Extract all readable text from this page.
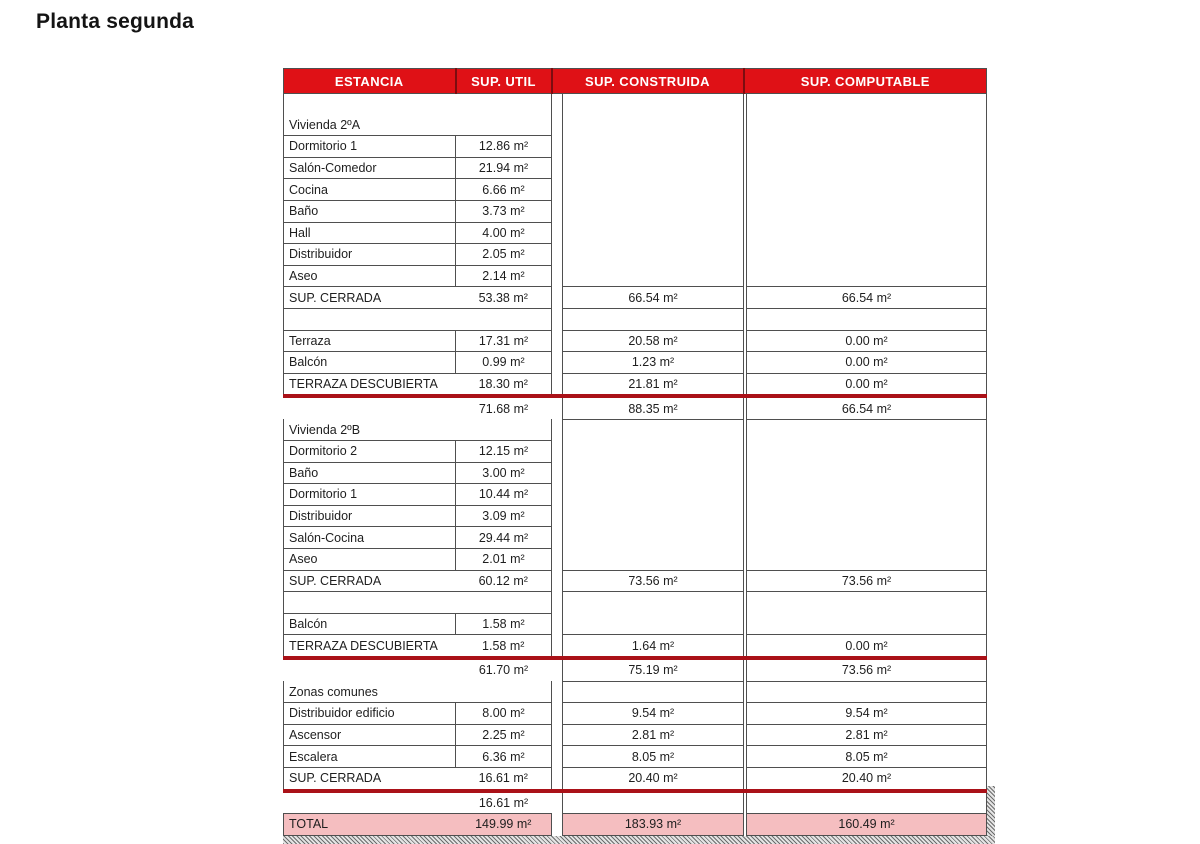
Planta segunda
ESTANCIA	SUP. UTIL	SUP. CONSTRUIDA		SUP. COMPUTABLE	

Vivienda 2ºA					
Dormitorio 1	12.86 m²				
Salón-Comedor	21.94 m²				
Cocina	6.66 m²				
Baño	3.73 m²				
Hall	4.00 m²				
Distribuidor	2.05 m²				
Aseo	2.14 m²				
SUP. CERRADA	53.38 m²		66.54 m²		66.54 m²

Terraza	17.31 m²		20.58 m²		0.00 m²
Balcón	0.99 m²		1.23 m²		0.00 m²
TERRAZA DESCUBIERTA	18.30 m²		21.81 m²		0.00 m²
	71.68 m²		88.35 m²		66.54 m²
Vivienda 2ºB					
Dormitorio 2	12.15 m²				
Baño	3.00 m²				
Dormitorio 1	10.44 m²				
Distribuidor	3.09 m²				
Salón-Cocina	29.44 m²				
Aseo	2.01 m²				
SUP. CERRADA	60.12 m²		73.56 m²		73.56 m²

Balcón	1.58 m²				
TERRAZA DESCUBIERTA	1.58 m²		1.64 m²		0.00 m²
	61.70 m²		75.19 m²		73.56 m²
Zonas comunes					
Distribuidor edificio	8.00 m²		9.54 m²		9.54 m²
Ascensor	2.25 m²		2.81 m²		2.81 m²
Escalera	6.36 m²		8.05 m²		8.05 m²
SUP. CERRADA	16.61 m²		20.40 m²		20.40 m²
	16.61 m²				
TOTAL	149.99 m²		183.93 m²		160.49 m²
